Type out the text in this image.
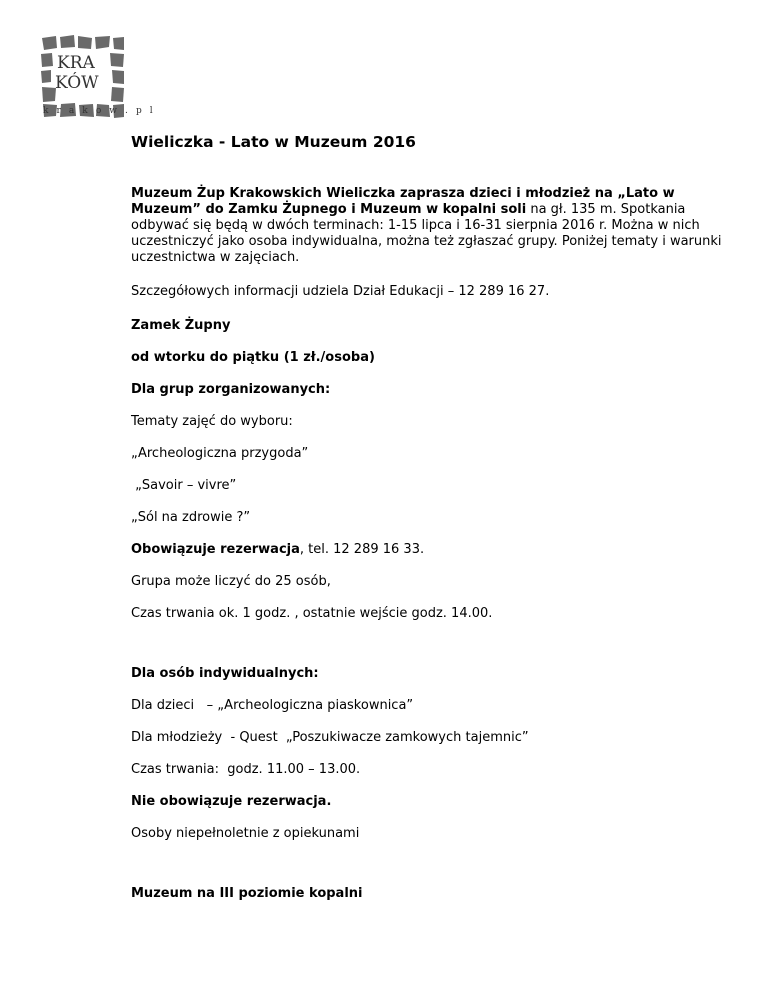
KRA
KÓW
k r a k o w . p l
Wieliczka - Lato w Muzeum 2016

Muzeum Żup Krakowskich Wieliczka zaprasza dzieci i młodzież na „Lato w Muzeum” do Zamku Żupnego i Muzeum w kopalni soli na gł. 135 m. Spotkania odbywać się będą w dwóch terminach: 1-15 lipca i 16-31 sierpnia 2016 r. Można w nich uczestniczyć jako osoba indywidualna, można też zgłaszać grupy. Poniżej tematy i warunki uczestnictwa w zajęciach.

Szczegółowych informacji udziela Dział Edukacji – 12 289 16 27.

Zamek Żupny

od wtorku do piątku (1 zł./osoba)

Dla grup zorganizowanych:

Tematy zajęć do wyboru:

„Archeologiczna przygoda”

„Savoir – vivre”

„Sól na zdrowie ?”

Obowiązuje rezerwacja, tel. 12 289 16 33.

Grupa może liczyć do 25 osób,

Czas trwania ok. 1 godz. , ostatnie wejście godz. 14.00.

Dla osób indywidualnych:

Dla dzieci   – „Archeologiczna piaskownica”

Dla młodzieży  - Quest  „Poszukiwacze zamkowych tajemnic”

Czas trwania:  godz. 11.00 – 13.00.

Nie obowiązuje rezerwacja.

Osoby niepełnoletnie z opiekunami

Muzeum na III poziomie kopalni
